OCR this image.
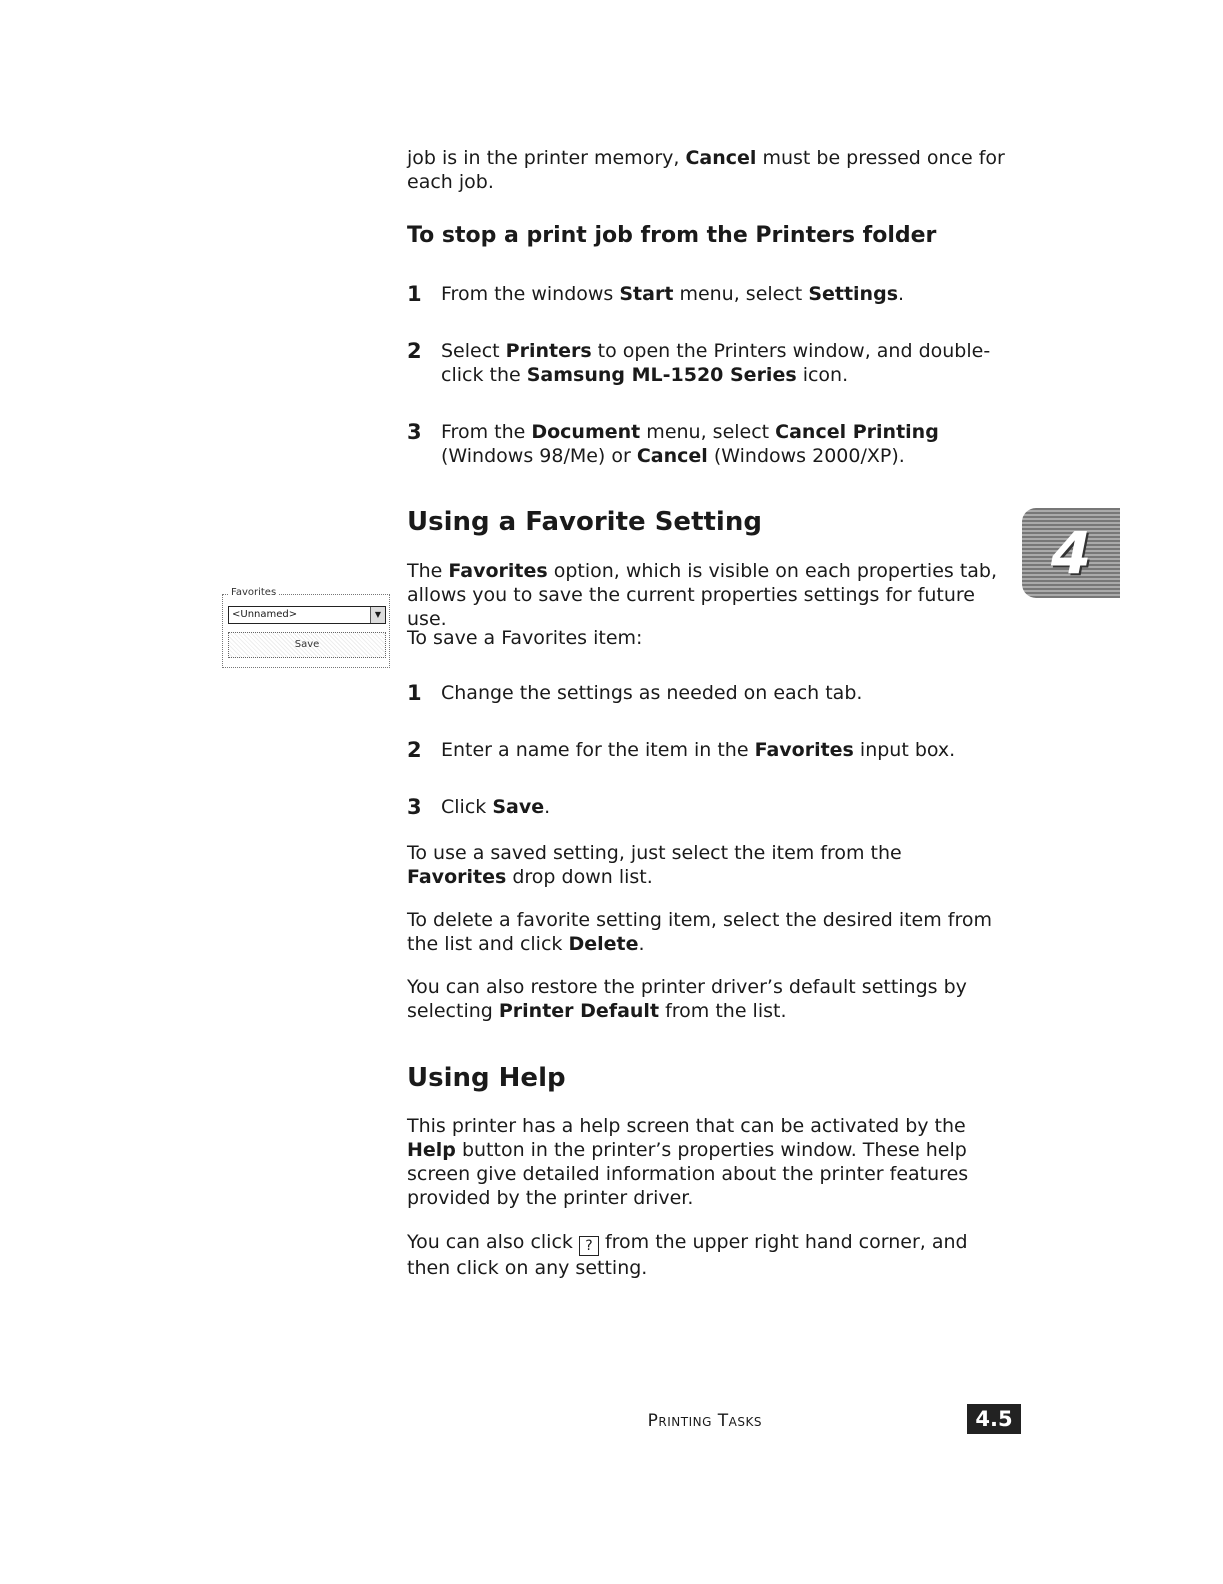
job is in the printer memory, Cancel must be pressed once for each job.

To stop a print job from the Printers folder
1 From the windows Start menu, select Settings.

2 Select Printers to open the Printers window, and double-click the Samsung ML-1520 Series icon.

3 From the Document menu, select Cancel Printing (Windows 98/Me) or Cancel (Windows 2000/XP).

Using a Favorite Setting

The Favorites option, which is visible on each properties tab, allows you to save the current properties settings for future use.

To save a Favorites item:

1 Change the settings as needed on each tab.

2 Enter a name for the item in the Favorites input box.

3 Click Save.

To use a saved setting, just select the item from the Favorites drop down list.

To delete a favorite setting item, select the desired item from the list and click Delete.

You can also restore the printer driver’s default settings by selecting Printer Default from the list.

Using Help

This printer has a help screen that can be activated by the Help button in the printer’s properties window. These help screen give detailed information about the printer features provided by the printer driver.

You can also click ? from the upper right hand corner, and then click on any setting.

Favorites
<Unnamed>	▼
Save
4
Printing Tasks	4.5
